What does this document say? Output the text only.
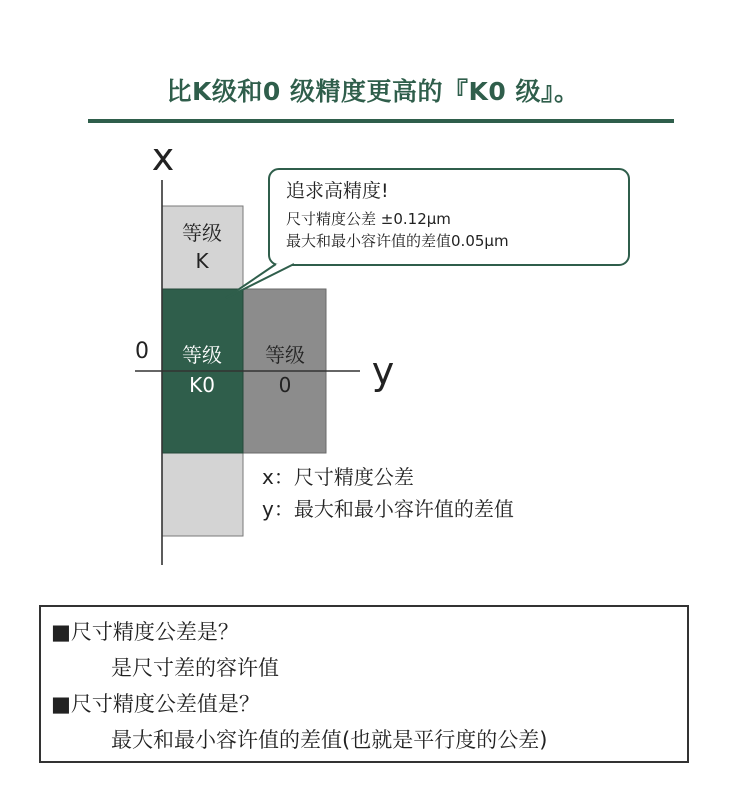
比K级和0 级精度更高的『K0 级』。
x
y
0
等级
K
等级
K0
等级
0
x：尺寸精度公差
y：最大和最小容许值的差值
追求高精度!
尺寸精度公差 ±0.12μm
最大和最小容许值的差值0.05μm
■尺寸精度公差是？
是尺寸差的容许值
■尺寸精度公差值是？
最大和最小容许值的差值(也就是平行度的公差)
